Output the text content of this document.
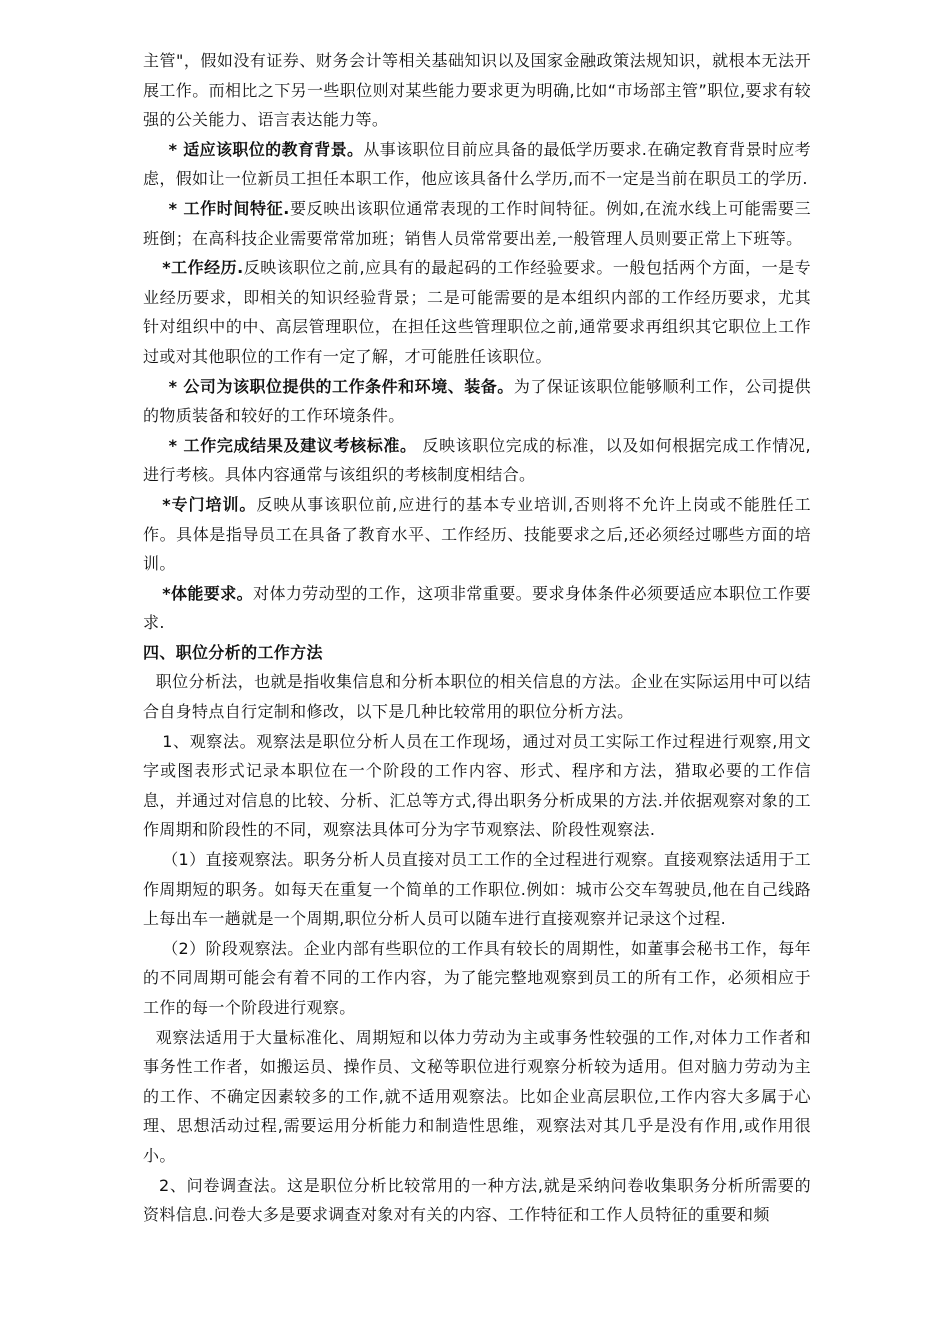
主管"，假如没有证券、财务会计等相关基础知识以及国家金融政策法规知识，就根本无法开展工作。而相比之下另一些职位则对某些能力要求更为明确,比如“市场部主管”职位,要求有较强的公关能力、语言表达能力等。

* 适应该职位的教育背景。从事该职位目前应具备的最低学历要求.在确定教育背景时应考虑，假如让一位新员工担任本职工作，他应该具备什么学历,而不一定是当前在职员工的学历.

* 工作时间特征.要反映出该职位通常表现的工作时间特征。例如,在流水线上可能需要三班倒；在高科技企业需要常常加班；销售人员常常要出差,一般管理人员则要正常上下班等。

*工作经历.反映该职位之前,应具有的最起码的工作经验要求。一般包括两个方面，一是专业经历要求，即相关的知识经验背景；二是可能需要的是本组织内部的工作经历要求，尤其针对组织中的中、高层管理职位，在担任这些管理职位之前,通常要求再组织其它职位上工作过或对其他职位的工作有一定了解，才可能胜任该职位。

* 公司为该职位提供的工作条件和环境、装备。为了保证该职位能够顺利工作，公司提供的物质装备和较好的工作环境条件。

* 工作完成结果及建议考核标准。 反映该职位完成的标准，以及如何根据完成工作情况,进行考核。具体内容通常与该组织的考核制度相结合。

*专门培训。反映从事该职位前,应进行的基本专业培训,否则将不允许上岗或不能胜任工作。具体是指导员工在具备了教育水平、工作经历、技能要求之后,还必须经过哪些方面的培训。

*体能要求。对体力劳动型的工作，这项非常重要。要求身体条件必须要适应本职位工作要求.

四、职位分析的工作方法

职位分析法，也就是指收集信息和分析本职位的相关信息的方法。企业在实际运用中可以结合自身特点自行定制和修改，以下是几种比较常用的职位分析方法。

1、观察法。观察法是职位分析人员在工作现场，通过对员工实际工作过程进行观察,用文字或图表形式记录本职位在一个阶段的工作内容、形式、程序和方法，猎取必要的工作信息，并通过对信息的比较、分析、汇总等方式,得出职务分析成果的方法.并依据观察对象的工作周期和阶段性的不同，观察法具体可分为字节观察法、阶段性观察法.

（1）直接观察法。职务分析人员直接对员工工作的全过程进行观察。直接观察法适用于工作周期短的职务。如每天在重复一个简单的工作职位.例如：城市公交车驾驶员,他在自己线路上每出车一趟就是一个周期,职位分析人员可以随车进行直接观察并记录这个过程.

（2）阶段观察法。企业内部有些职位的工作具有较长的周期性，如董事会秘书工作，每年的不同周期可能会有着不同的工作内容，为了能完整地观察到员工的所有工作，必须相应于工作的每一个阶段进行观察。

观察法适用于大量标准化、周期短和以体力劳动为主或事务性较强的工作,对体力工作者和事务性工作者，如搬运员、操作员、文秘等职位进行观察分析较为适用。但对脑力劳动为主的工作、不确定因素较多的工作,就不适用观察法。比如企业高层职位,工作内容大多属于心理、思想活动过程,需要运用分析能力和制造性思维，观察法对其几乎是没有作用,或作用很小。

2、问卷调查法。这是职位分析比较常用的一种方法,就是采纳问卷收集职务分析所需要的资料信息.问卷大多是要求调查对象对有关的内容、工作特征和工作人员特征的重要和频
